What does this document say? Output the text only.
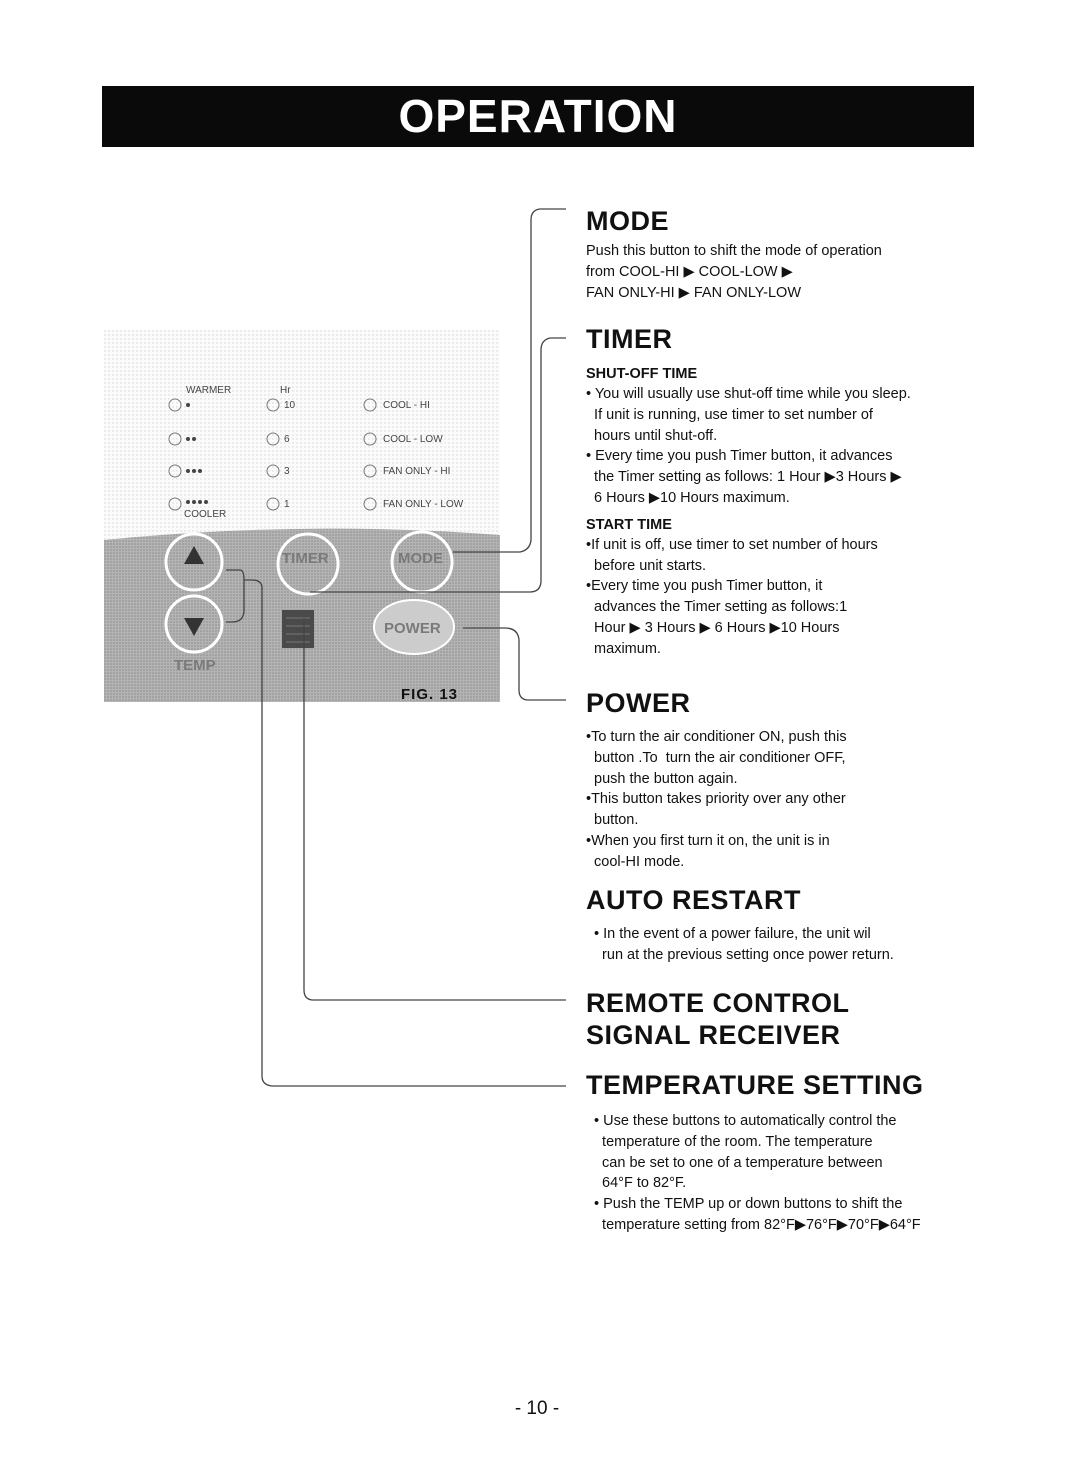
OPERATION
WARMER	Hr
10	COOL - HI
6	COOL - LOW
3	FAN ONLY - HI
COOLER
1	FAN ONLY - LOW
TIMER	MODE
POWER
TEMP
FIG. 13
MODE

Push this button to shift the mode of operation

from COOL-HI ▶ COOL-LOW ▶

FAN ONLY-HI ▶ FAN ONLY-LOW

TIMER

SHUT-OFF TIME

• You will usually use shut-off time while you sleep.

If unit is running, use timer to set number of

hours until shut-off.

• Every time you push Timer button, it advances

the Timer setting as follows: 1 Hour ▶3 Hours ▶

6 Hours ▶10 Hours maximum.

START TIME

•If unit is off, use timer to set number of hours

before unit starts.

•Every time you push Timer button, it

advances the Timer setting as follows:1

Hour ▶ 3 Hours ▶ 6 Hours ▶10 Hours

maximum.

POWER

•To turn the air conditioner ON, push this

button .To  turn the air conditioner OFF,

push the button again.

•This button takes priority over any other

button.

•When you first turn it on, the unit is in

cool-HI mode.

AUTO RESTART

• In the event of a power failure, the unit wil

run at the previous setting once power return.

REMOTE CONTROL
SIGNAL RECEIVER
TEMPERATURE SETTING

• Use these buttons to automatically control the

temperature of the room. The temperature

can be set to one of a temperature between

64°F to 82°F.

• Push the TEMP up or down buttons to shift the

temperature setting from 82°F▶76°F▶70°F▶64°F

- 10 -
